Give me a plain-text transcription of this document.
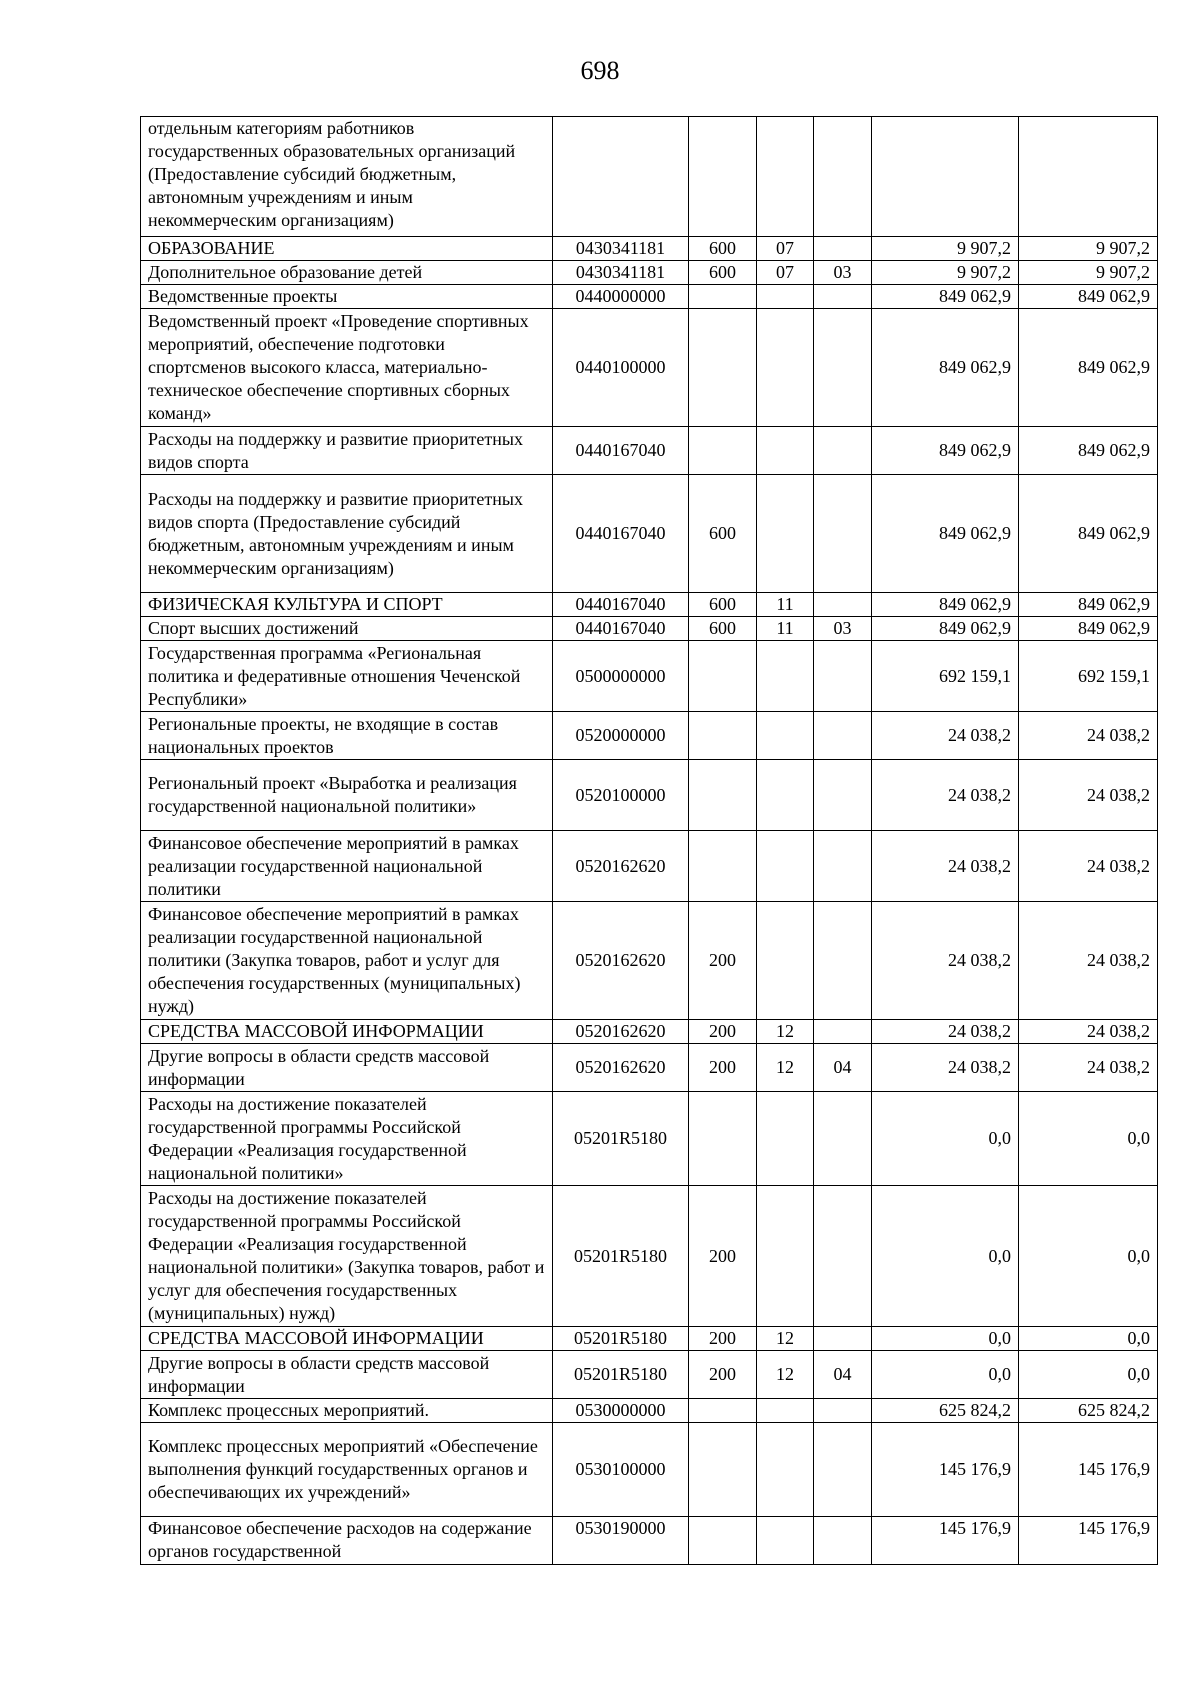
698
отдельным категориям работников государственных образовательных организаций (Предоставление субсидий бюджетным, автономным учреждениям и иным некоммерческим организациям)						
ОБРАЗОВАНИЕ	0430341181	600	07		9 907,2	9 907,2
Дополнительное образование детей	0430341181	600	07	03	9 907,2	9 907,2
Ведомственные проекты	0440000000				849 062,9	849 062,9
Ведомственный проект «Проведение спортивных мероприятий, обеспечение подготовки спортсменов высокого класса, материально-техническое обеспечение спортивных сборных команд»	0440100000				849 062,9	849 062,9
Расходы на поддержку и развитие приоритетных видов спорта	0440167040				849 062,9	849 062,9
Расходы на поддержку и развитие приоритетных видов спорта (Предоставление субсидий бюджетным, автономным учреждениям и иным некоммерческим организациям)	0440167040	600			849 062,9	849 062,9
ФИЗИЧЕСКАЯ КУЛЬТУРА И СПОРТ	0440167040	600	11		849 062,9	849 062,9
Спорт высших достижений	0440167040	600	11	03	849 062,9	849 062,9
Государственная программа «Региональная политика и федеративные отношения Чеченской Республики»	0500000000				692 159,1	692 159,1
Региональные проекты, не входящие в состав национальных проектов	0520000000				24 038,2	24 038,2
Региональный проект «Выработка и реализация государственной национальной политики»	0520100000				24 038,2	24 038,2
Финансовое обеспечение мероприятий в рамках реализации государственной национальной политики	0520162620				24 038,2	24 038,2
Финансовое обеспечение мероприятий в рамках реализации государственной национальной политики (Закупка товаров, работ и услуг для обеспечения государственных (муниципальных) нужд)	0520162620	200			24 038,2	24 038,2
СРЕДСТВА МАССОВОЙ ИНФОРМАЦИИ	0520162620	200	12		24 038,2	24 038,2
Другие вопросы в области средств массовой информации	0520162620	200	12	04	24 038,2	24 038,2
Расходы на достижение показателей государственной программы Российской Федерации «Реализация государственной национальной политики»	05201R5180				0,0	0,0
Расходы на достижение показателей государственной программы Российской Федерации «Реализация государственной национальной политики» (Закупка товаров, работ и услуг для обеспечения государственных (муниципальных) нужд)	05201R5180	200			0,0	0,0
СРЕДСТВА МАССОВОЙ ИНФОРМАЦИИ	05201R5180	200	12		0,0	0,0
Другие вопросы в области средств массовой информации	05201R5180	200	12	04	0,0	0,0
Комплекс процессных мероприятий.	0530000000				625 824,2	625 824,2
Комплекс процессных мероприятий «Обеспечение выполнения функций государственных органов и обеспечивающих их учреждений»	0530100000				145 176,9	145 176,9
Финансовое обеспечение расходов на содержание органов государственной	0530190000				145 176,9	145 176,9
